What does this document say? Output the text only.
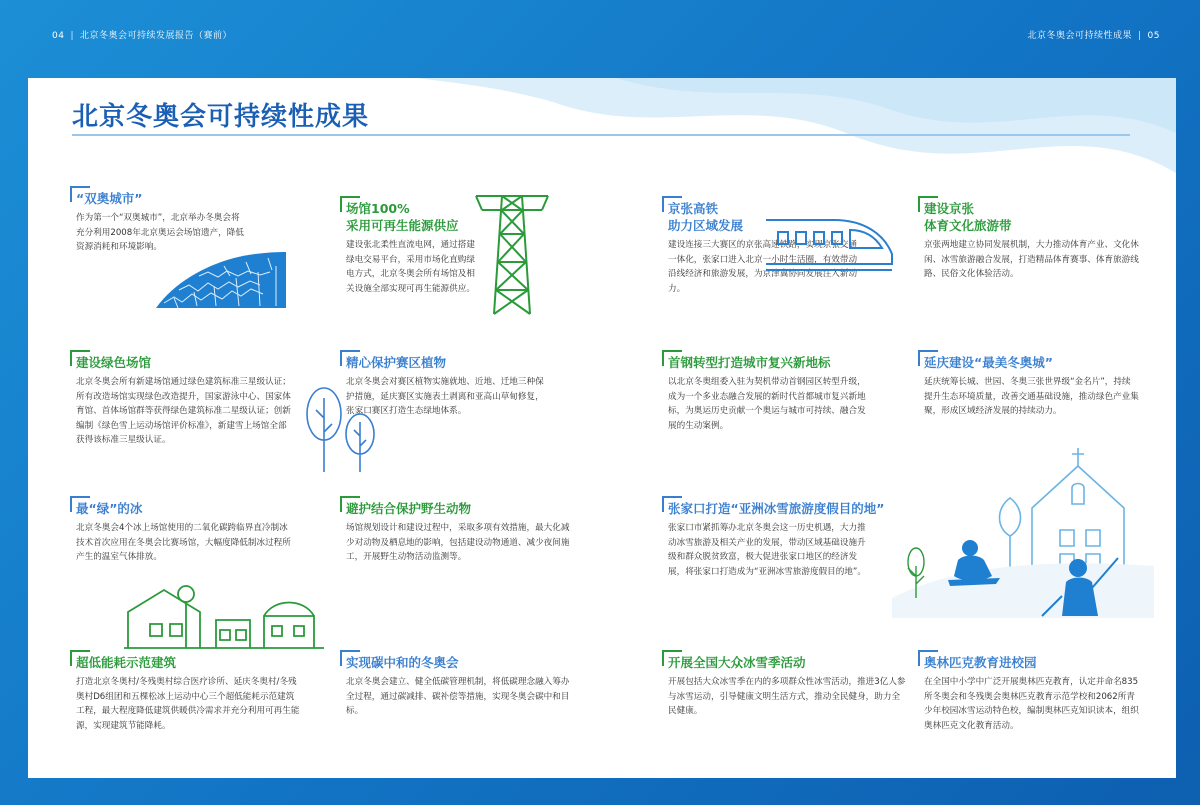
04 | 北京冬奥会可持续发展报告（赛前）	北京冬奥会可持续性成果 | 05
北京冬奥会可持续性成果
“双奥城市”

作为第一个“双奥城市”，北京举办冬奥会将充分利用2008年北京奥运会场馆遗产，降低资源消耗和环境影响。

场馆100%
采用可再生能源供应

建设张北柔性直流电网，通过搭建绿电交易平台，采用市场化直购绿电方式，北京冬奥会所有场馆及相关设施全部实现可再生能源供应。

京张高铁
助力区域发展

建设连接三大赛区的京张高速铁路，实现京张交通一体化，张家口进入北京一小时生活圈，有效带动沿线经济和旅游发展，为京津冀协同发展注入新动力。

建设京张
体育文化旅游带

京张两地建立协同发展机制，大力推动体育产业、文化休闲、冰雪旅游融合发展，打造精品体育赛事、体育旅游线路、民俗文化体验活动。

建设绿色场馆

北京冬奥会所有新建场馆通过绿色建筑标准三星级认证；所有改造场馆实现绿色改造提升，国家游泳中心、国家体育馆、首体场馆群等获得绿色建筑标准二星级认证；创新编制《绿色雪上运动场馆评价标准》，新建雪上场馆全部获得该标准三星级认证。

精心保护赛区植物

北京冬奥会对赛区植物实施就地、近地、迁地三种保护措施，延庆赛区实施表土剥离和亚高山草甸修复，张家口赛区打造生态绿地体系。

首钢转型打造城市复兴新地标

以北京冬奥组委入驻为契机带动首钢园区转型升级，成为一个多业态融合发展的新时代首都城市复兴新地标，为奥运历史贡献一个奥运与城市可持续、融合发展的生动案例。

延庆建设“最美冬奥城”

延庆统筹长城、世园、冬奥三张世界级“金名片”，持续提升生态环境质量，改善交通基础设施，推动绿色产业集聚，形成区域经济发展的持续动力。

最“绿”的冰

北京冬奥会4个冰上场馆使用的二氧化碳跨临界直冷制冰技术首次应用在冬奥会比赛场馆，大幅度降低制冰过程所产生的温室气体排放。

避护结合保护野生动物

场馆规划设计和建设过程中，采取多项有效措施，最大化减少对动物及栖息地的影响，包括建设动物通道、减少夜间施工，开展野生动物活动监测等。

张家口打造“亚洲冰雪旅游度假目的地”

张家口市紧抓筹办北京冬奥会这一历史机遇，大力推动冰雪旅游及相关产业的发展，带动区域基础设施升级和群众脱贫致富，极大促进张家口地区的经济发展，将张家口打造成为“亚洲冰雪旅游度假目的地”。

超低能耗示范建筑

打造北京冬奥村/冬残奥村综合医疗诊所、延庆冬奥村/冬残奥村D6组团和五棵松冰上运动中心三个超低能耗示范建筑工程，最大程度降低建筑供暖供冷需求并充分利用可再生能源，实现建筑节能降耗。

实现碳中和的冬奥会

北京冬奥会建立、健全低碳管理机制，将低碳理念融入筹办全过程，通过碳减排、碳补偿等措施，实现冬奥会碳中和目标。

开展全国大众冰雪季活动

开展包括大众冰雪季在内的多项群众性冰雪活动，推进3亿人参与冰雪运动，引导健康文明生活方式，推动全民健身，助力全民健康。

奥林匹克教育进校园

在全国中小学中广泛开展奥林匹克教育，认定并命名835所冬奥会和冬残奥会奥林匹克教育示范学校和2062所青少年校园冰雪运动特色校，编制奥林匹克知识读本，组织奥林匹克文化教育活动。
